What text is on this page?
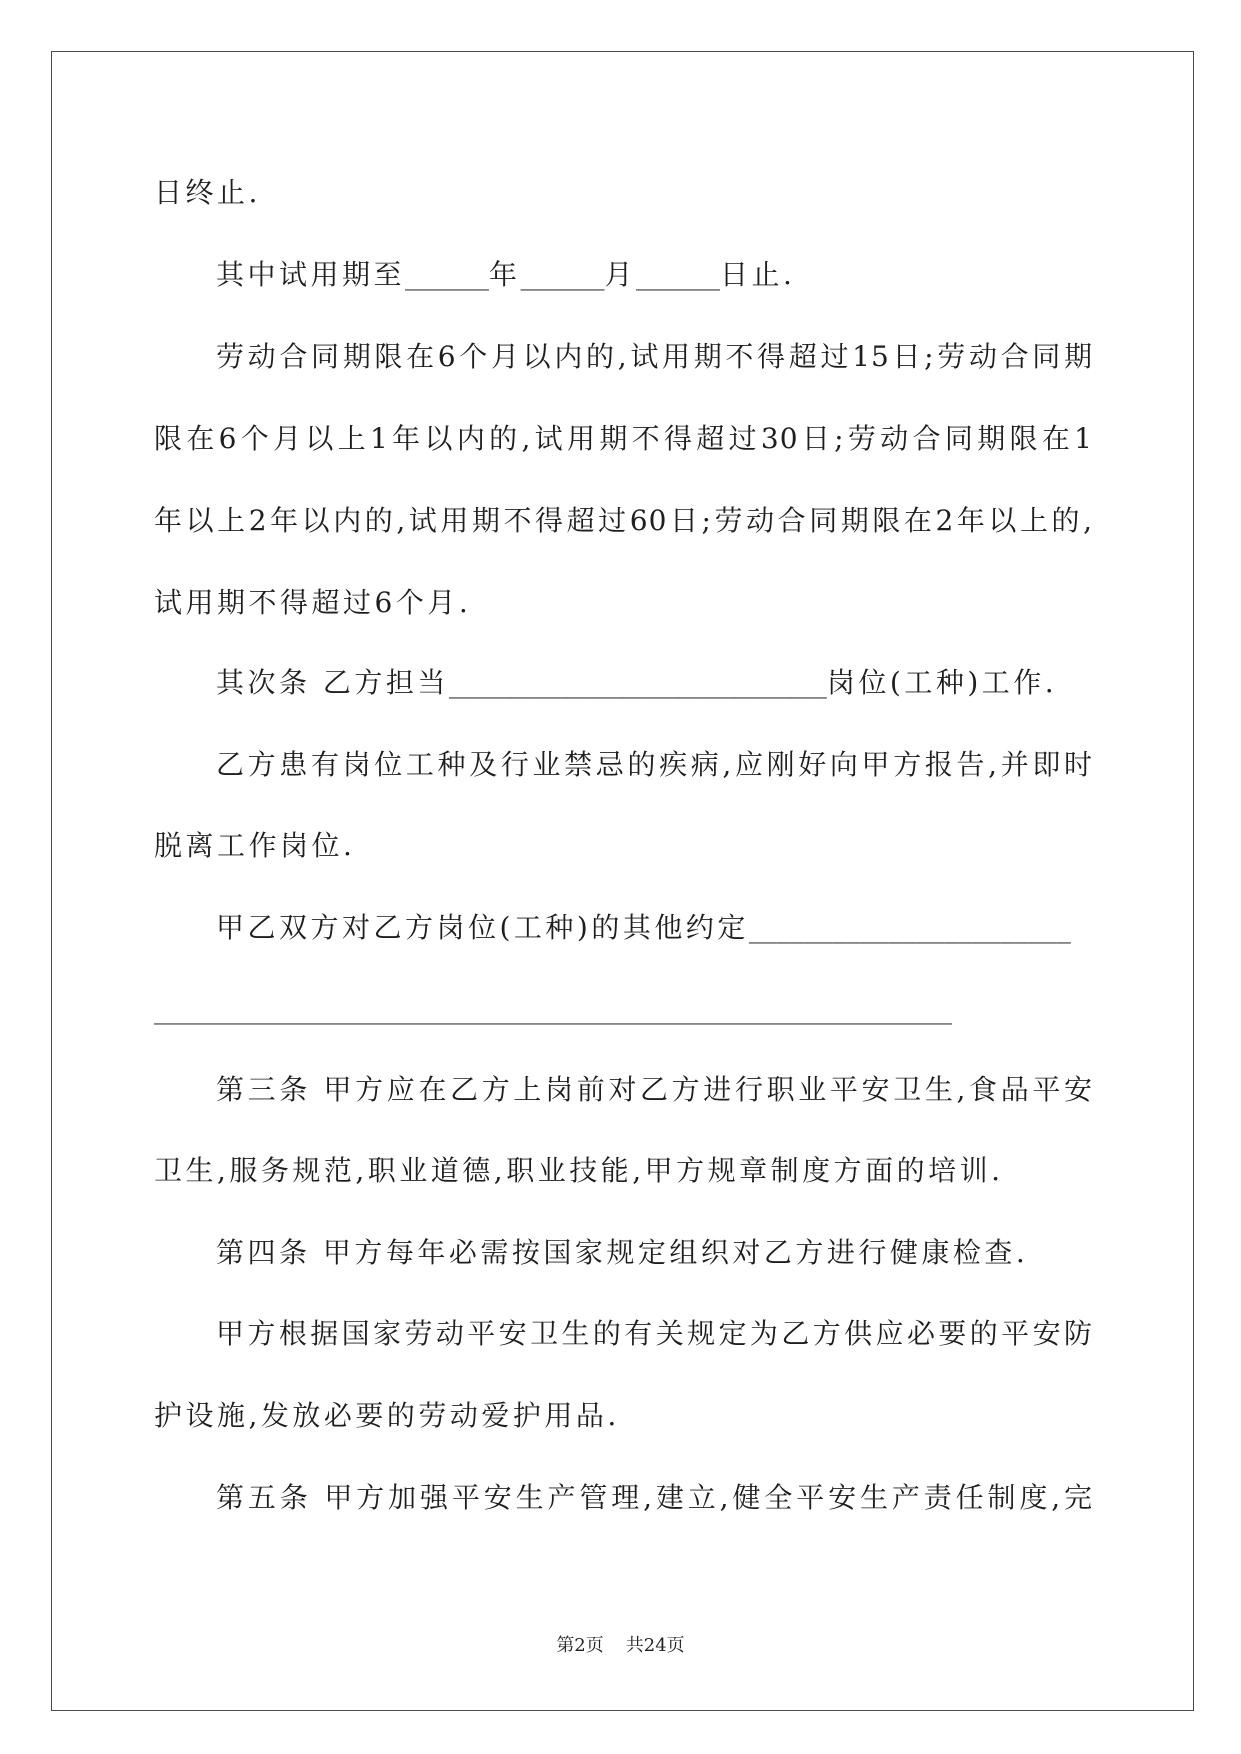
日终止.
其中试用期至______年______月______日止.
劳动合同期限在6个月以内的,试用期不得超过15日;劳动合同期
限在6个月以上1年以内的,试用期不得超过30日;劳动合同期限在1
年以上2年以内的,试用期不得超过60日;劳动合同期限在2年以上的,
试用期不得超过6个月.
其次条 乙方担当___________________________岗位(工种)工作.
乙方患有岗位工种及行业禁忌的疾病,应刚好向甲方报告,并即时
脱离工作岗位.
甲乙双方对乙方岗位(工种)的其他约定_______________________
_________________________________________________________
第三条 甲方应在乙方上岗前对乙方进行职业平安卫生,食品平安
卫生,服务规范,职业道德,职业技能,甲方规章制度方面的培训.
第四条 甲方每年必需按国家规定组织对乙方进行健康检查.
甲方根据国家劳动平安卫生的有关规定为乙方供应必要的平安防
护设施,发放必要的劳动爱护用品.
第五条 甲方加强平安生产管理,建立,健全平安生产责任制度,完
第2页 共24页
